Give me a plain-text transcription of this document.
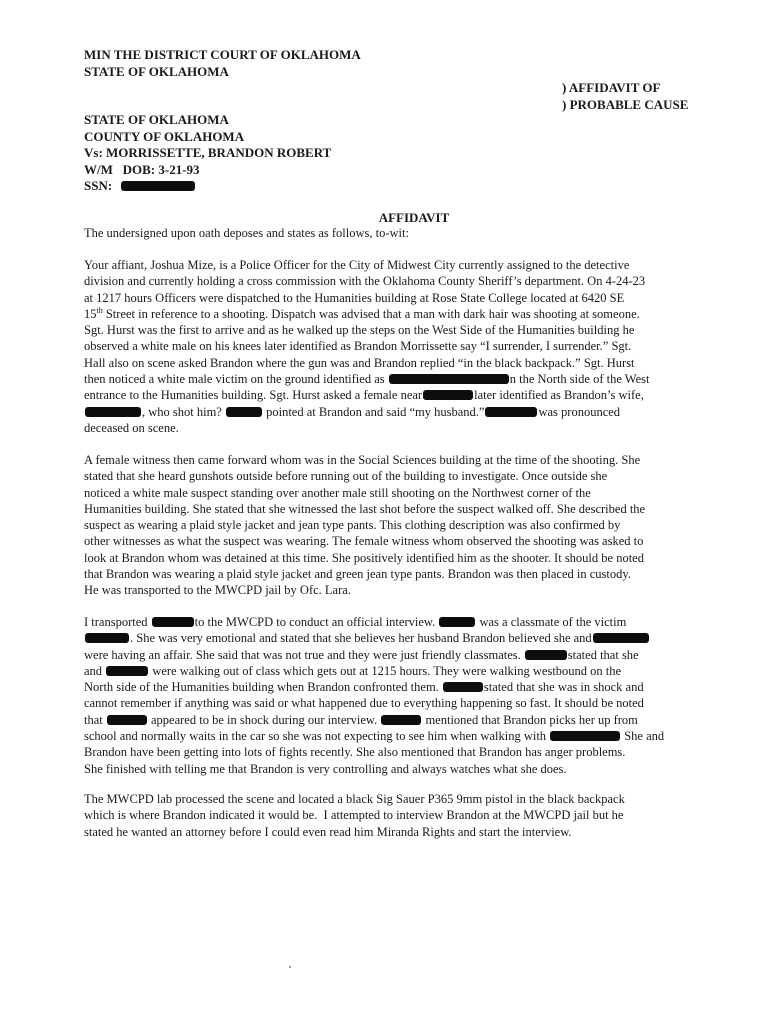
MIN THE DISTRICT COURT OF OKLAHOMA
STATE OF OKLAHOMA
) AFFIDAVIT OF
) PROBABLE CAUSE
STATE OF OKLAHOMA
COUNTY OF OKLAHOMA
Vs: MORRISSETTE, BRANDON ROBERT
W/M   DOB: 3-21-93
SSN:
AFFIDAVIT
The undersigned upon oath deposes and states as follows, to-wit:
Your affiant, Joshua Mize, is a Police Officer for the City of Midwest City currently assigned to the detective
division and currently holding a cross commission with the Oklahoma County Sheriff’s department. On 4-24-23
at 1217 hours Officers were dispatched to the Humanities building at Rose State College located at 6420 SE
15th Street in reference to a shooting. Dispatch was advised that a man with dark hair was shooting at someone.
Sgt. Hurst was the first to arrive and as he walked up the steps on the West Side of the Humanities building he
observed a white male on his knees later identified as Brandon Morrissette say “I surrender, I surrender.” Sgt.
Hall also on scene asked Brandon where the gun was and Brandon replied “in the black backpack.” Sgt. Hurst
then noticed a white male victim on the ground identified as	n the North side of the West
entrance to the Humanities building. Sgt. Hurst asked a female near	later identified as Brandon’s wife,
, who shot him?	pointed at Brandon and said “my husband.”	was pronounced
deceased on scene.
A female witness then came forward whom was in the Social Sciences building at the time of the shooting. She
stated that she heard gunshots outside before running out of the building to investigate. Once outside she
noticed a white male suspect standing over another male still shooting on the Northwest corner of the
Humanities building. She stated that she witnessed the last shot before the suspect walked off. She described the
suspect as wearing a plaid style jacket and jean type pants. This clothing description was also confirmed by
other witnesses as what the suspect was wearing. The female witness whom observed the shooting was asked to
look at Brandon whom was detained at this time. She positively identified him as the shooter. It should be noted
that Brandon was wearing a plaid style jacket and green jean type pants. Brandon was then placed in custody.
He was transported to the MWCPD jail by Ofc. Lara.
I transported	to the MWCPD to conduct an official interview.	was a classmate of the victim
. She was very emotional and stated that she believes her husband Brandon believed she and
were having an affair. She said that was not true and they were just friendly classmates.	stated that she
and	were walking out of class which gets out at 1215 hours. They were walking westbound on the
North side of the Humanities building when Brandon confronted them.	stated that she was in shock and
cannot remember if anything was said or what happened due to everything happening so fast. It should be noted
that	appeared to be in shock during our interview.	mentioned that Brandon picks her up from
school and normally waits in the car so she was not expecting to see him when walking with	She and
Brandon have been getting into lots of fights recently. She also mentioned that Brandon has anger problems.
She finished with telling me that Brandon is very controlling and always watches what she does.
The MWCPD lab processed the scene and located a black Sig Sauer P365 9mm pistol in the black backpack
which is where Brandon indicated it would be.  I attempted to interview Brandon at the MWCPD jail but he
stated he wanted an attorney before I could even read him Miranda Rights and start the interview.
